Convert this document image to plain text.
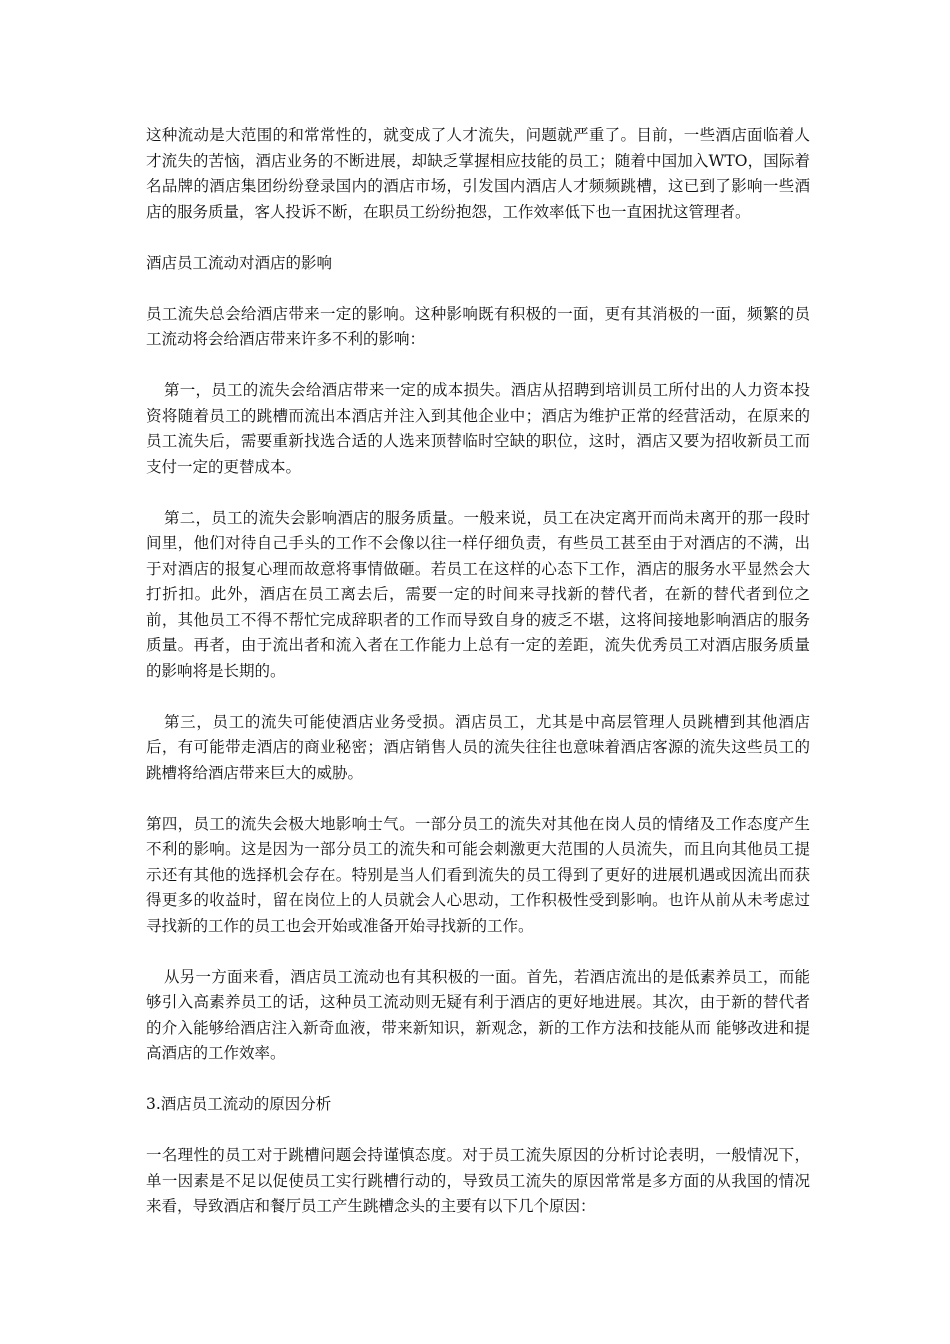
这种流动是大范围的和常常性的，就变成了人才流失，问题就严重了。目前，一些酒店面临着人才流失的苦恼，酒店业务的不断进展，却缺乏掌握相应技能的员工；随着中国加入WTO，国际着名品牌的酒店集团纷纷登录国内的酒店市场，引发国内酒店人才频频跳槽，这已到了影响一些酒店的服务质量，客人投诉不断，在职员工纷纷抱怨，工作效率低下也一直困扰这管理者。

酒店员工流动对酒店的影响

员工流失总会给酒店带来一定的影响。这种影响既有积极的一面，更有其消极的一面，频繁的员工流动将会给酒店带来许多不利的影响：

第一，员工的流失会给酒店带来一定的成本损失。酒店从招聘到培训员工所付出的人力资本投资将随着员工的跳槽而流出本酒店并注入到其他企业中；酒店为维护正常的经营活动，在原来的员工流失后，需要重新找选合适的人选来顶替临时空缺的职位，这时，酒店又要为招收新员工而支付一定的更替成本。

第二，员工的流失会影响酒店的服务质量。一般来说，员工在决定离开而尚未离开的那一段时间里，他们对待自己手头的工作不会像以往一样仔细负责，有些员工甚至由于对酒店的不满，出于对酒店的报复心理而故意将事情做砸。若员工在这样的心态下工作，酒店的服务水平显然会大打折扣。此外，酒店在员工离去后，需要一定的时间来寻找新的替代者，在新的替代者到位之前，其他员工不得不帮忙完成辞职者的工作而导致自身的疲乏不堪，这将间接地影响酒店的服务质量。再者，由于流出者和流入者在工作能力上总有一定的差距，流失优秀员工对酒店服务质量的影响将是长期的。

第三，员工的流失可能使酒店业务受损。酒店员工，尤其是中高层管理人员跳槽到其他酒店后，有可能带走酒店的商业秘密；酒店销售人员的流失往往也意味着酒店客源的流失这些员工的跳槽将给酒店带来巨大的威胁。

第四，员工的流失会极大地影响士气。一部分员工的流失对其他在岗人员的情绪及工作态度产生不利的影响。这是因为一部分员工的流失和可能会刺激更大范围的人员流失，而且向其他员工提示还有其他的选择机会存在。特别是当人们看到流失的员工得到了更好的进展机遇或因流出而获得更多的收益时，留在岗位上的人员就会人心思动，工作积极性受到影响。也许从前从未考虑过寻找新的工作的员工也会开始或准备开始寻找新的工作。

从另一方面来看，酒店员工流动也有其积极的一面。首先，若酒店流出的是低素养员工，而能够引入高素养员工的话，这种员工流动则无疑有利于酒店的更好地进展。其次，由于新的替代者的介入能够给酒店注入新奇血液，带来新知识，新观念，新的工作方法和技能从而 能够改进和提高酒店的工作效率。

3.酒店员工流动的原因分析

一名理性的员工对于跳槽问题会持谨慎态度。对于员工流失原因的分析讨论表明，一般情况下，单一因素是不足以促使员工实行跳槽行动的，导致员工流失的原因常常是多方面的从我国的情况来看，导致酒店和餐厅员工产生跳槽念头的主要有以下几个原因：
